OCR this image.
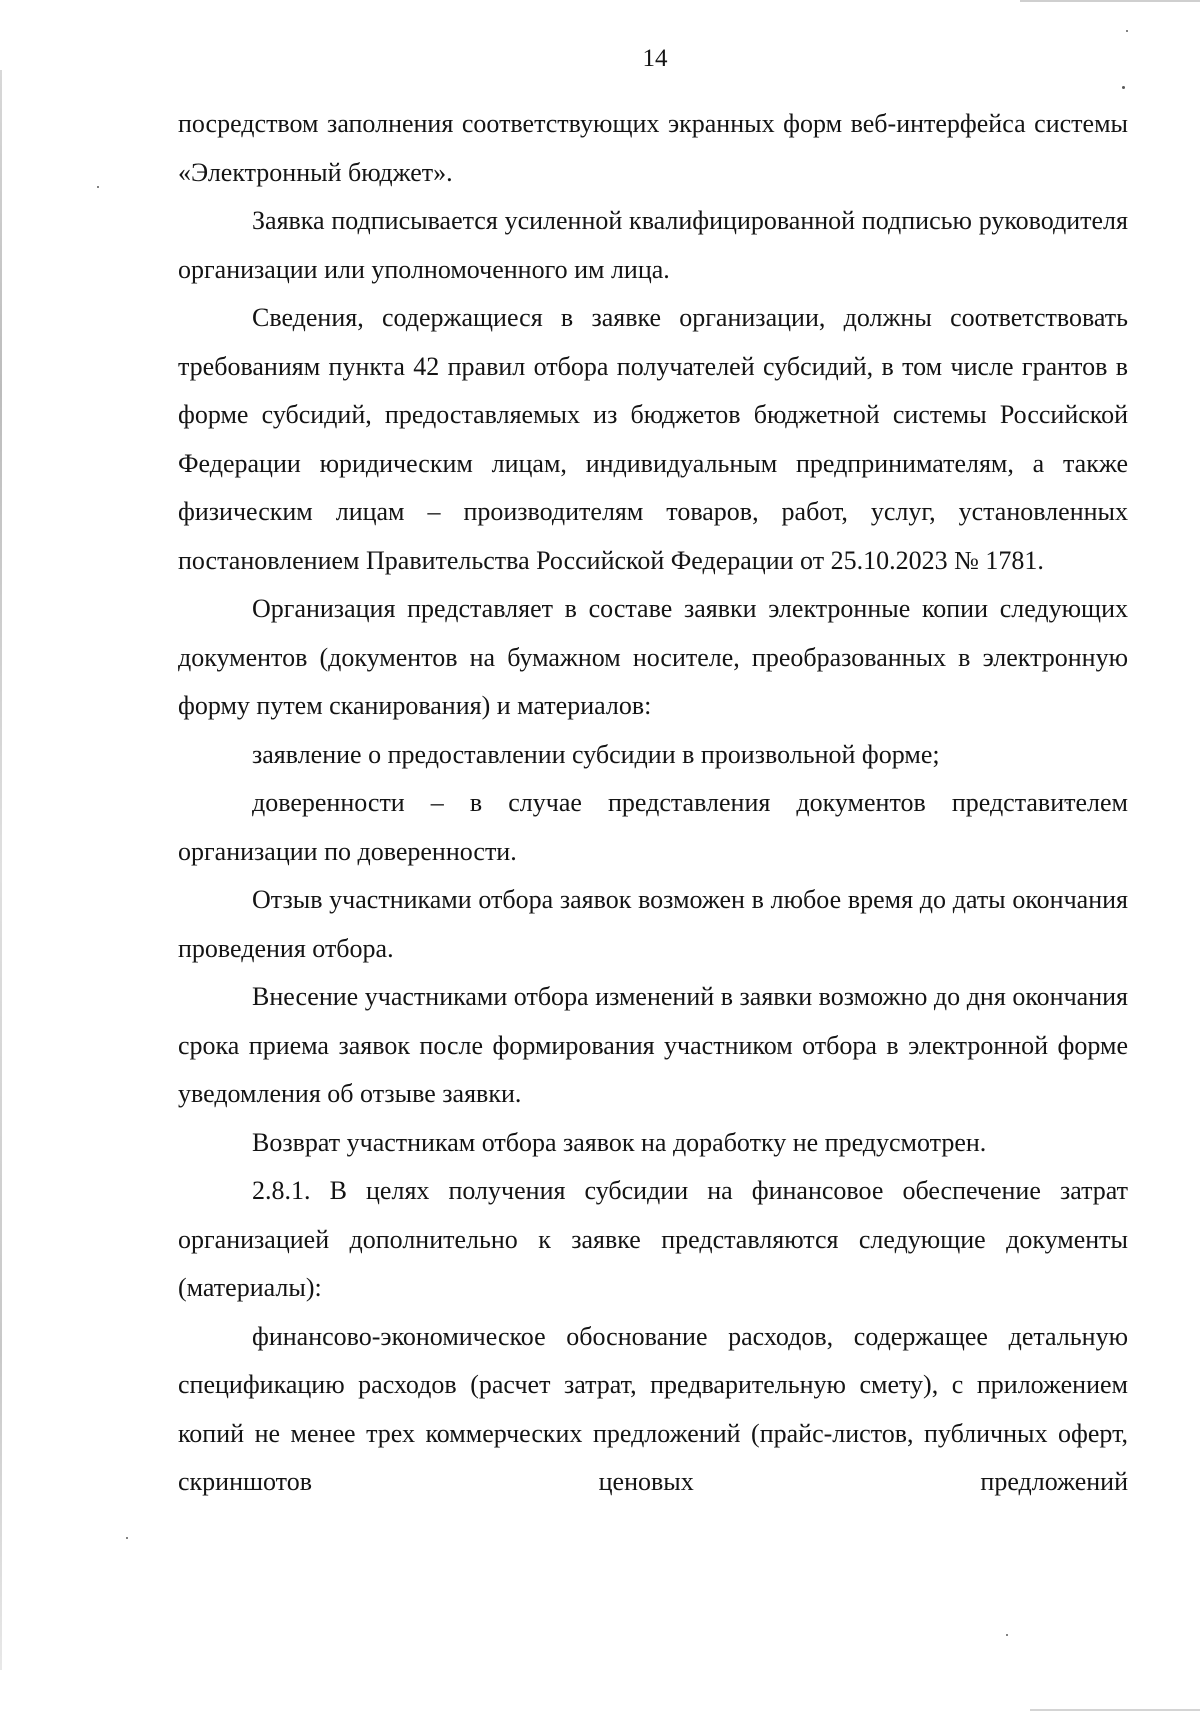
14

посредством заполнения соответствующих экранных форм веб-интерфейса системы «Электронный бюджет».

Заявка подписывается усиленной квалифицированной подписью руководителя организации или уполномоченного им лица.

Сведения, содержащиеся в заявке организации, должны соответствовать требованиям пункта 42 правил отбора получателей субсидий, в том числе грантов в форме субсидий, предоставляемых из бюджетов бюджетной системы Российской Федерации юридическим лицам, индивидуальным предпринимателям, а также физическим лицам – производителям товаров, работ, услуг, установленных постановлением Правительства Российской Федерации от 25.10.2023 № 1781.

Организация представляет в составе заявки электронные копии следующих документов (документов на бумажном носителе, преобразованных в электронную форму путем сканирования) и материалов:

заявление о предоставлении субсидии в произвольной форме;

доверенности – в случае представления документов представителем организации по доверенности.

Отзыв участниками отбора заявок возможен в любое время до даты окончания проведения отбора.

Внесение участниками отбора изменений в заявки возможно до дня окончания срока приема заявок после формирования участником отбора в электронной форме уведомления об отзыве заявки.

Возврат участникам отбора заявок на доработку не предусмотрен.

2.8.1. В целях получения субсидии на финансовое обеспечение затрат организацией дополнительно к заявке представляются следующие документы (материалы):

финансово-экономическое обоснование расходов, содержащее детальную спецификацию расходов (расчет затрат, предварительную смету), с приложением копий не менее трех коммерческих предложений (прайс-листов, публичных оферт, скриншотов ценовых предложений
